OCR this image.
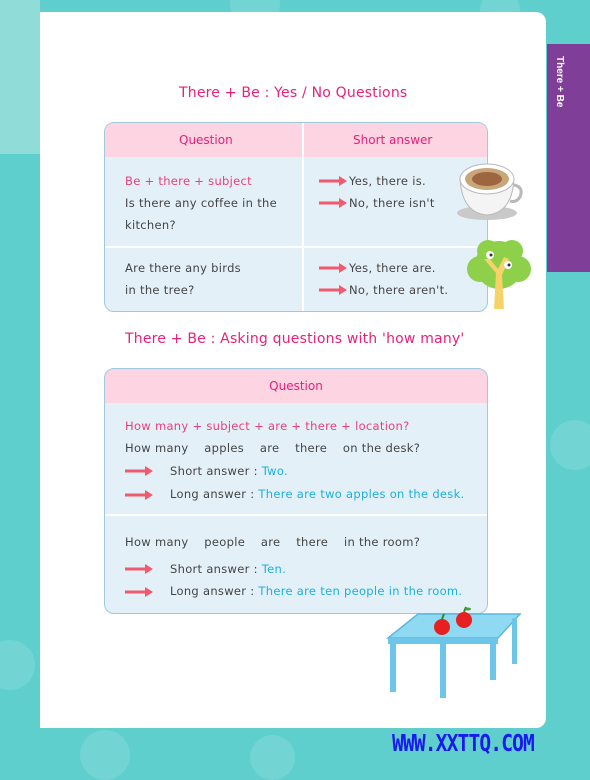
There + Be
There + Be : Yes / No Questions
Question	Short answer
Be + there + subject
Is there any coffee in the
kitchen?
Yes, there is.
No, there isn't
Are there any birds
in the tree?
Yes, there are.
No, there aren't.
There + Be : Asking questions with 'how many'
Question
How many + subject + are + there + location?
How many    apples    are    there    on the desk?
Short answer : Two.
Long answer : There are two apples on the desk.
How many    people    are    there    in the room?
Short answer : Ten.
Long answer : There are ten people in the room.
WWW.XXTTQ.COM
